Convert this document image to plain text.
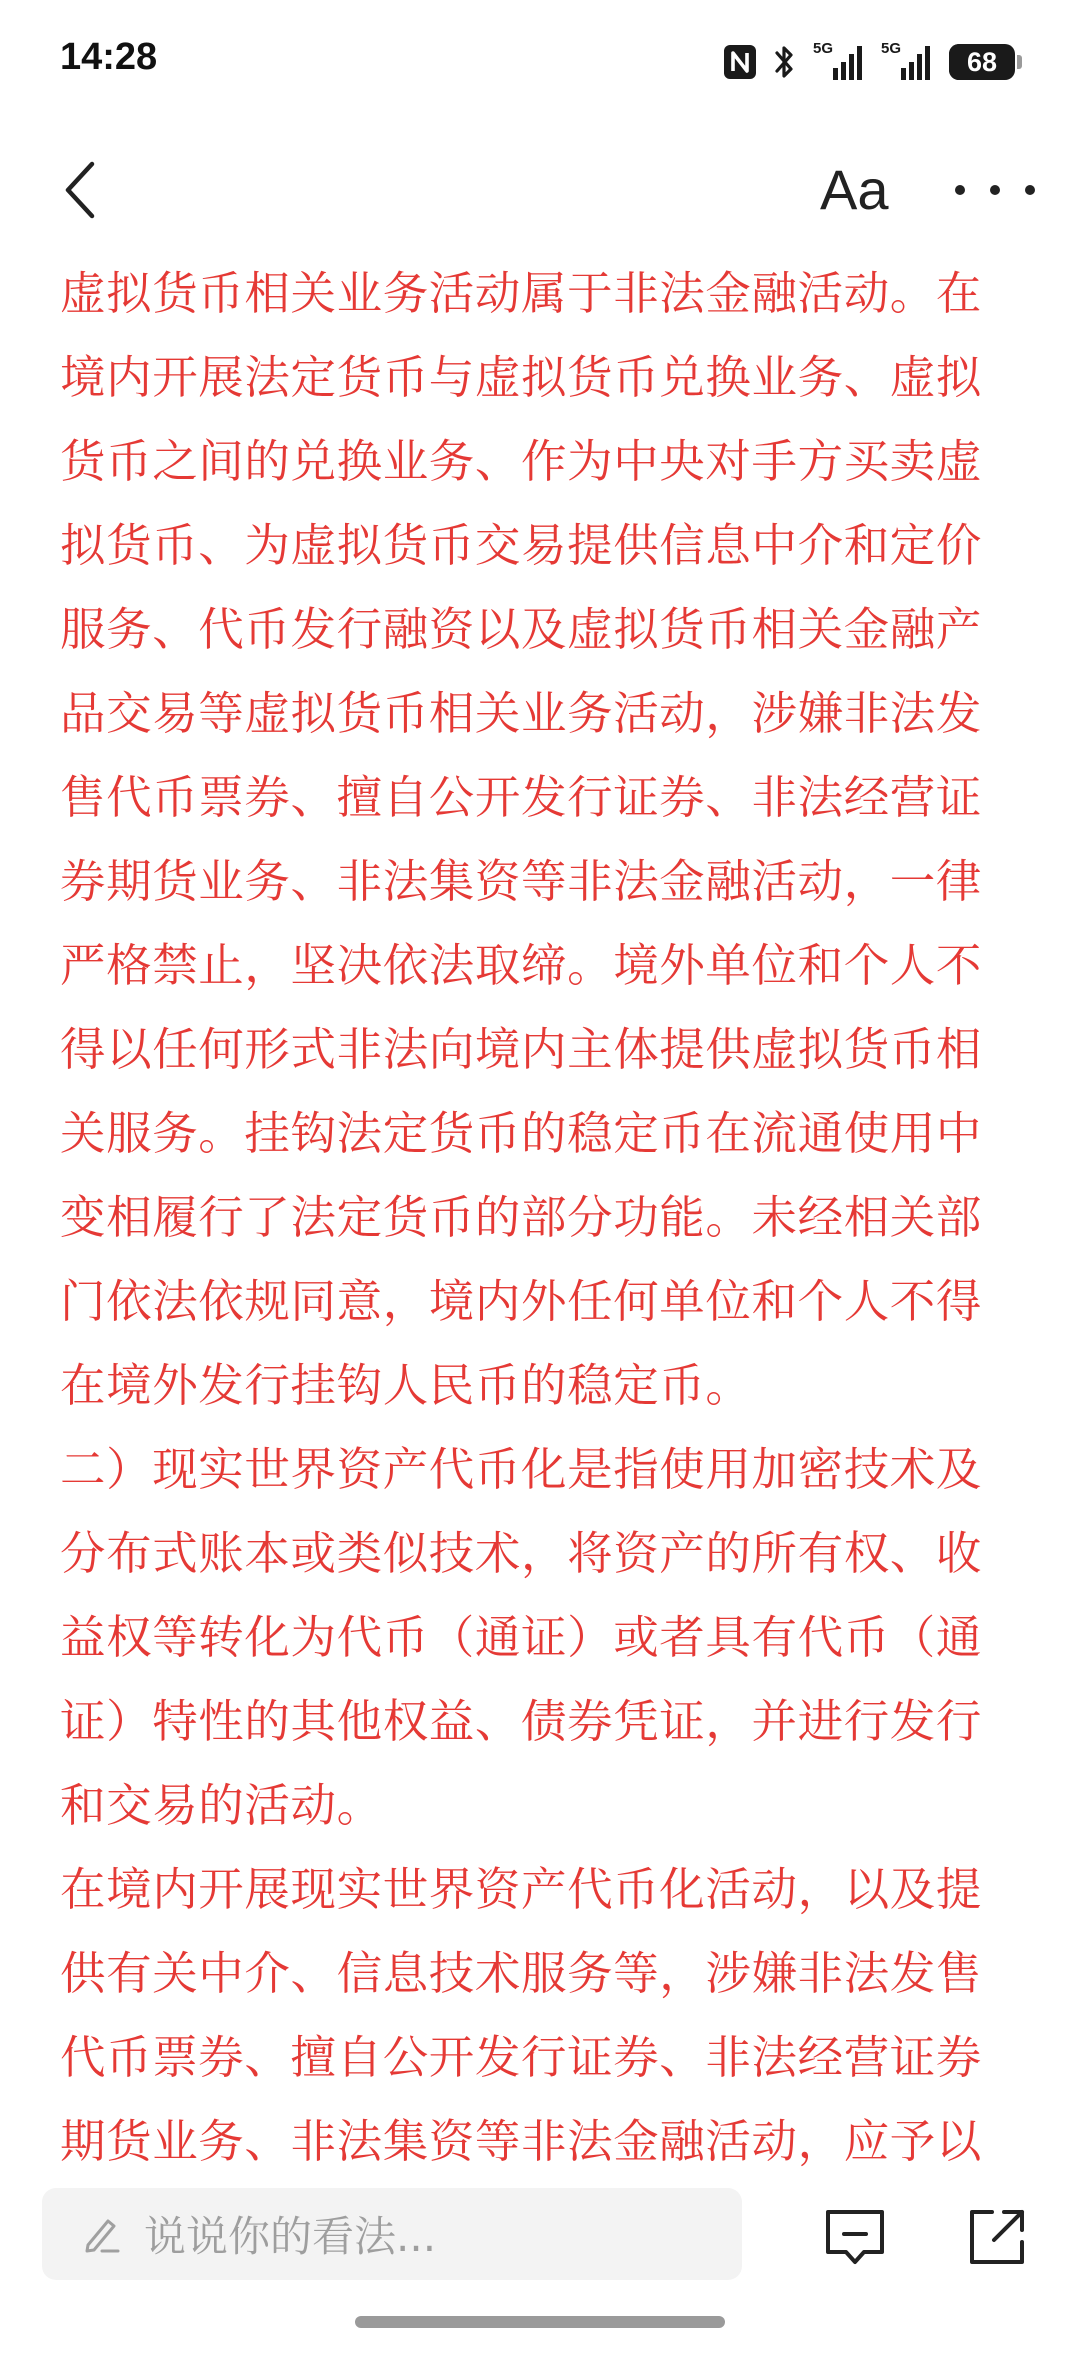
14:28	5G	5G 68
Aa

虚拟货币相关业务活动属于非法金融活动。在境内开展法定货币与虚拟货币兑换业务、虚拟货币之间的兑换业务、作为中央对手方买卖虚拟货币、为虚拟货币交易提供信息中介和定价服务、代币发行融资以及虚拟货币相关金融产品交易等虚拟货币相关业务活动，涉嫌非法发售代币票券、擅自公开发行证券、非法经营证券期货业务、非法集资等非法金融活动，一律严格禁止，坚决依法取缔。境外单位和个人不得以任何形式非法向境内主体提供虚拟货币相关服务。挂钩法定货币的稳定币在流通使用中变相履行了法定货币的部分功能。未经相关部门依法依规同意，境内外任何单位和个人不得在境外发行挂钩人民币的稳定币。

二）现实世界资产代币化是指使用加密技术及分布式账本或类似技术，将资产的所有权、收益权等转化为代币（通证）或者具有代币（通证）特性的其他权益、债券凭证，并进行发行和交易的活动。

在境内开展现实世界资产代币化活动，以及提供有关中介、信息技术服务等，涉嫌非法发售代币票券、擅自公开发行证券、非法经营证券期货业务、非法集资等非法金融活动，应予以

说说你的看法...
